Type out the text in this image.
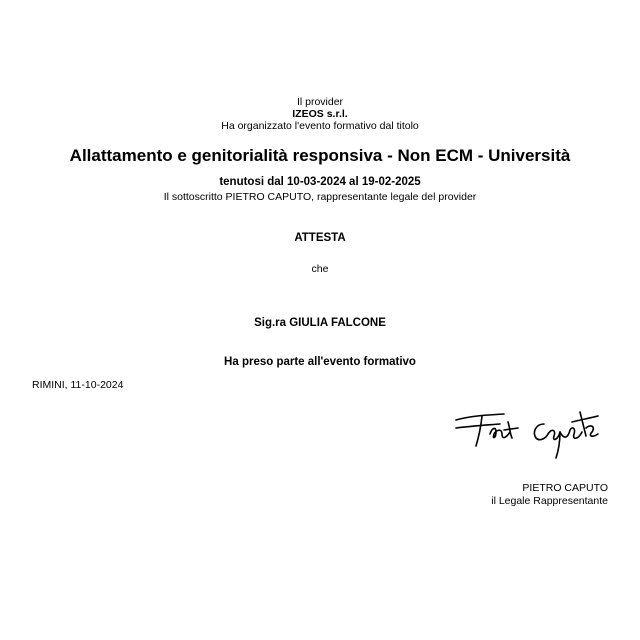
Il provider
IZEOS s.r.l.
Ha organizzato l'evento formativo dal titolo
Allattamento e genitorialità responsiva - Non ECM - Università
tenutosi dal 10-03-2024 al 19-02-2025
Il sottoscritto PIETRO CAPUTO, rappresentante legale del provider
ATTESTA
che
Sig.ra GIULIA FALCONE
Ha preso parte all'evento formativo
RIMINI, 11-10-2024
PIETRO CAPUTO
il Legale Rappresentante
